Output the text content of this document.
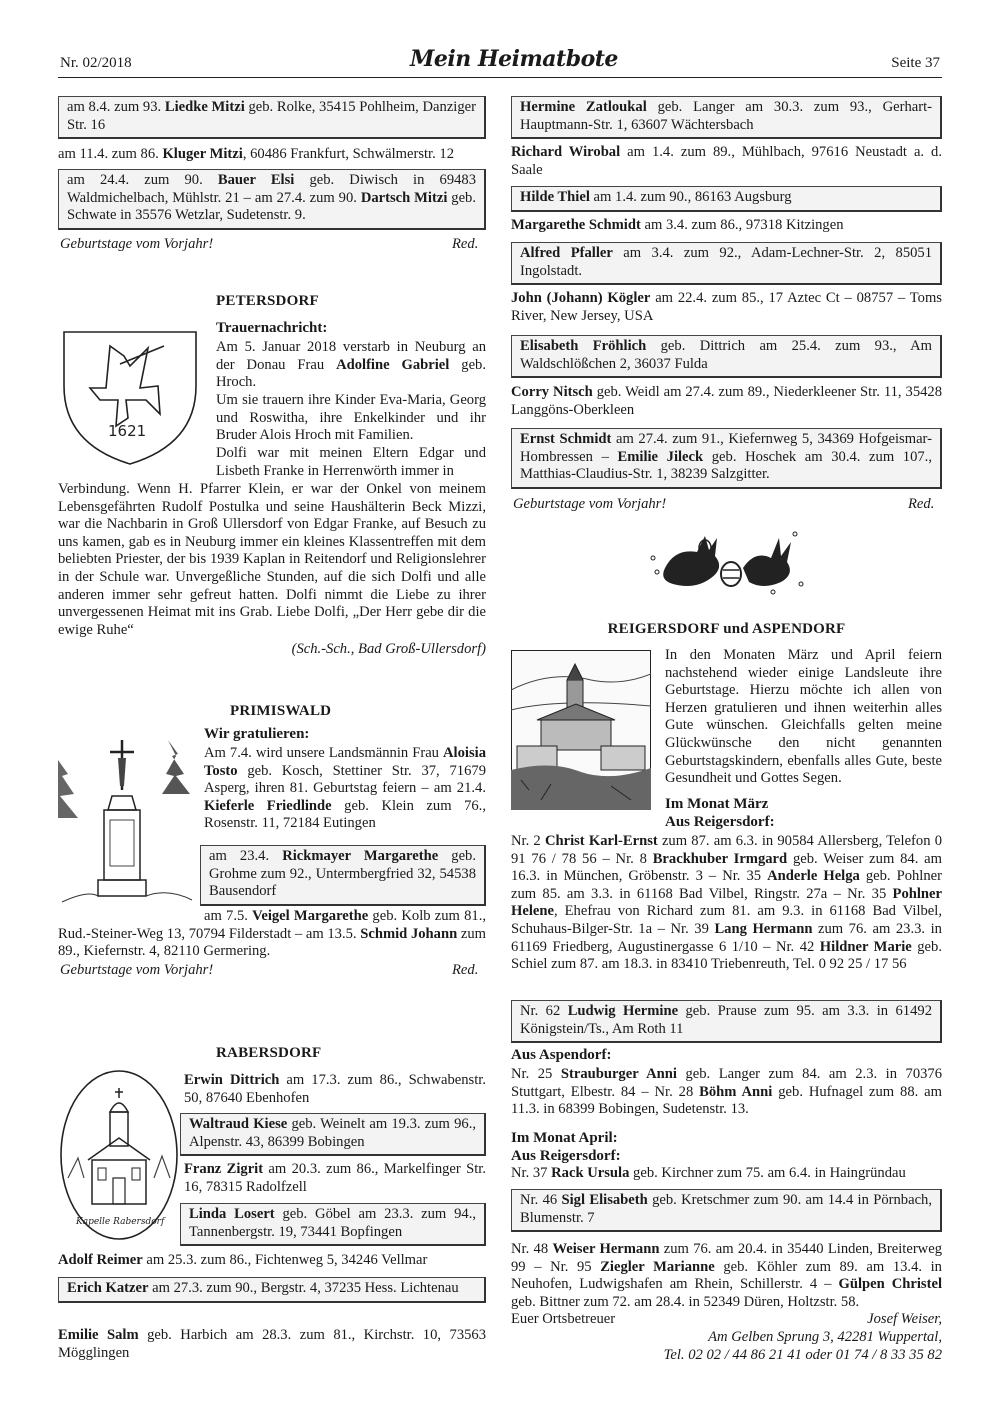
Nr. 02/2018	Mein Heimatbote	Seite 37
am 8.4. zum 93. Liedke Mitzi geb. Rolke, 35415 Pohlheim, Danziger Str. 16
am 11.4. zum 86. Kluger Mitzi, 60486 Frankfurt, Schwälmerstr. 12
am 24.4. zum 90. Bauer Elsi geb. Diwisch in 69483 Waldmichelbach, Mühlstr. 21 – am 27.4. zum 90. Dartsch Mitzi geb. Schwate in 35576 Wetzlar, Sudetenstr. 9.
Geburtstage vom Vorjahr!	Red.
PETERSDORF
1621
Trauernachricht:
Am 5. Januar 2018 verstarb in Neuburg an der Donau Frau Adolfine Gabriel geb. Hroch.
Um sie trauern ihre Kinder Eva-Maria, Georg und Roswitha, ihre Enkelkinder und ihr Bruder Alois Hroch mit Familien.
Dolfi war mit meinen Eltern Edgar und Lisbeth Franke in Herrenwörth immer in
Verbindung. Wenn H. Pfarrer Klein, er war der Onkel von meinem Lebensgefährten Rudolf Postulka und seine Haushälterin Beck Mizzi, war die Nachbarin in Groß Ullersdorf von Edgar Franke, auf Besuch zu uns kamen, gab es in Neuburg immer ein kleines Klassentreffen mit dem beliebten Priester, der bis 1939 Kaplan in Reitendorf und Religionslehrer in der Schule war. Unvergeßliche Stunden, auf die sich Dolfi und alle anderen immer sehr gefreut hatten. Dolfi nimmt die Liebe zu ihrer unvergessenen Heimat mit ins Grab. Liebe Dolfi, „Der Herr gebe dir die ewige Ruhe“
(Sch.-Sch., Bad Groß-Ullersdorf)
PRIMISWALD
Wir gratulieren:
Am 7.4. wird unsere Landsmännin Frau Aloisia Tosto geb. Kosch, Stettiner Str. 37, 71679 Asperg, ihren 81. Geburtstag feiern – am 21.4. Kieferle Friedlinde geb. Klein zum 76., Rosenstr. 11, 72184 Eutingen
am 23.4. Rickmayer Margarethe geb. Grohme zum 92., Untermbergfried 32, 54538 Bausendorf
am 7.5. Veigel Margarethe geb. Kolb zum 81., Rud.-Steiner-Weg 13, 70794 Filderstadt – am 13.5. Schmid Johann zum 89., Kiefernstr. 4, 82110 Germering.
Geburtstage vom Vorjahr!	Red.
RABERSDORF
Kapelle Rabersdorf
Erwin Dittrich am 17.3. zum 86., Schwabenstr. 50, 87640 Ebenhofen
Waltraud Kiese geb. Weinelt am 19.3. zum 96., Alpenstr. 43, 86399 Bobingen
Franz Zigrit am 20.3. zum 86., Markelfinger Str. 16, 78315 Radolfzell
Linda Losert geb. Göbel am 23.3. zum 94., Tannenbergstr. 19, 73441 Bopfingen
Adolf Reimer am 25.3. zum 86., Fichtenweg 5, 34246 Vellmar
Erich Katzer am 27.3. zum 90., Bergstr. 4, 37235 Hess. Lichtenau
Emilie Salm geb. Harbich am 28.3. zum 81., Kirchstr. 10, 73563 Mögglingen
Hermine Zatloukal geb. Langer am 30.3. zum 93., Gerhart-Hauptmann-Str. 1, 63607 Wächtersbach
Richard Wirobal am 1.4. zum 89., Mühlbach, 97616 Neustadt a. d. Saale
Hilde Thiel am 1.4. zum 90., 86163 Augsburg
Margarethe Schmidt am 3.4. zum 86., 97318 Kitzingen
Alfred Pfaller am 3.4. zum 92., Adam-Lechner-Str. 2, 85051 Ingolstadt.
John (Johann) Kögler am 22.4. zum 85., 17 Aztec Ct – 08757 – Toms River, New Jersey, USA
Elisabeth Fröhlich geb. Dittrich am 25.4. zum 93., Am Waldschlößchen 2, 36037 Fulda
Corry Nitsch geb. Weidl am 27.4. zum 89., Niederkleener Str. 11, 35428 Langgöns-Oberkleen
Ernst Schmidt am 27.4. zum 91., Kiefernweg 5, 34369 Hofgeismar-Hombressen – Emilie Jileck geb. Hoschek am 30.4. zum 107., Matthias-Claudius-Str. 1, 38239 Salzgitter.
Geburtstage vom Vorjahr!	Red.
REIGERSDORF und ASPENDORF
In den Monaten März und April feiern nachstehend wieder einige Landsleute ihre Geburtstage. Hierzu möchte ich allen von Herzen gratulieren und ihnen weiterhin alles Gute wünschen. Gleichfalls gelten meine Glückwünsche den nicht genannten Geburtstagskindern, ebenfalls alles Gute, beste Gesundheit und Gottes Segen.
Im Monat März
Aus Reigersdorf:
Nr. 2 Christ Karl-Ernst zum 87. am 6.3. in 90584 Allersberg, Telefon 0 91 76 / 78 56 – Nr. 8 Brackhuber Irmgard geb. Weiser zum 84. am 16.3. in München, Gröbenstr. 3 – Nr. 35 Anderle Helga geb. Pohlner zum 85. am 3.3. in 61168 Bad Vilbel, Ringstr. 27a – Nr. 35 Pohlner Helene, Ehefrau von Richard zum 81. am 9.3. in 61168 Bad Vilbel, Schuhaus-Bilger-Str. 1a – Nr. 39 Lang Hermann zum 76. am 23.3. in 61169 Friedberg, Augustinergasse 6 1/10 – Nr. 42 Hildner Marie geb. Schiel zum 87. am 18.3. in 83410 Triebenreuth, Tel. 0 92 25 / 17 56
Nr. 62 Ludwig Hermine geb. Prause zum 95. am 3.3. in 61492 Königstein/Ts., Am Roth 11
Aus Aspendorf:
Nr. 25 Strauburger Anni geb. Langer zum 84. am 2.3. in 70376 Stuttgart, Elbestr. 84 – Nr. 28 Böhm Anni geb. Hufnagel zum 88. am 11.3. in 68399 Bobingen, Sudetenstr. 13.
Im Monat April:
Aus Reigersdorf:
Nr. 37 Rack Ursula geb. Kirchner zum 75. am 6.4. in Haingründau
Nr. 46 Sigl Elisabeth geb. Kretschmer zum 90. am 14.4 in Pörnbach, Blumenstr. 7
Nr. 48 Weiser Hermann zum 76. am 20.4. in 35440 Linden, Breiterweg 99 – Nr. 95 Ziegler Marianne geb. Köhler zum 89. am 13.4. in Neuhofen, Ludwigshafen am Rhein, Schillerstr. 4 – Gülpen Christel geb. Bittner zum 72. am 28.4. in 52349 Düren, Holtzstr. 58.
Euer Ortsbetreuer	Josef Weiser,
Am Gelben Sprung 3, 42281 Wuppertal,
Tel. 02 02 / 44 86 21 41 oder 01 74 / 8 33 35 82
